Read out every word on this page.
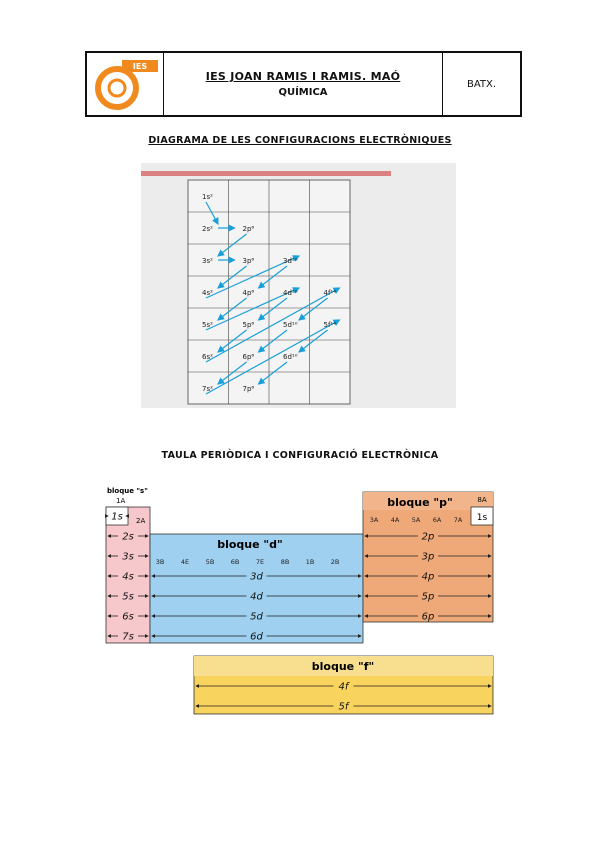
IES
IES JOAN RAMIS I RAMIS. MAÓ
QUÍMICA
BATX.
DIAGRAMA DE LES CONFIGURACIONS ELECTRÒNIQUES
1s²
2s²	2p⁶
3s²	3p⁶	3d¹⁰
4s²	4p⁶	4d¹⁰	4f¹⁴
5s²	5p⁶	5d¹⁰	5f¹⁴
6s²	6p⁶	6d¹⁰
7s²	7p⁶
TAULA PERIÒDICA I CONFIGURACIÓ ELECTRÒNICA
bloque "s"
1A
2A
1s
2s
3s
4s
5s
6s
7s
bloque "d"
3B	4E	5B	6B	7E	8B	1B	2B
3d
4d
5d
6d
bloque "p"	8A
1s
3A 4A 5A 6A 7A
2p
3p
4p
5p
6p
bloque "f"
4f
5f
